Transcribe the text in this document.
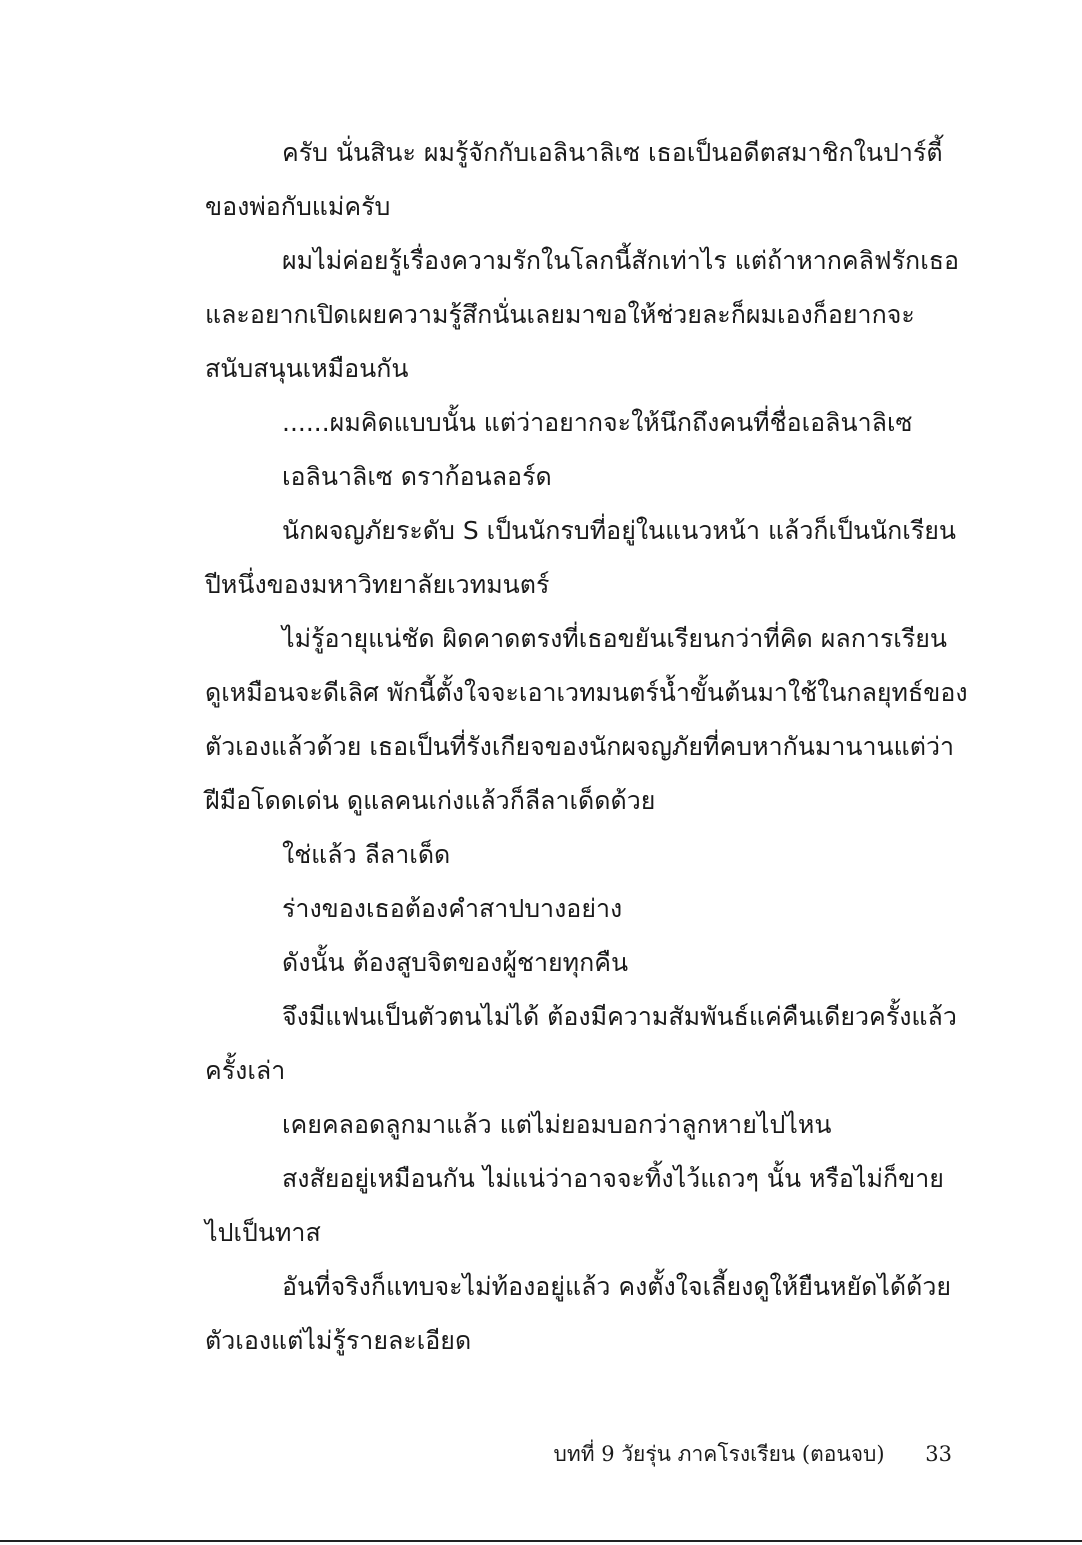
ครับ นั่นสินะ ผมรู้จักกับเอลินาลิเซ เธอเป็นอดีตสมาชิกในปาร์ตี้
ของพ่อกับแม่ครับ
ผมไม่ค่อยรู้เรื่องความรักในโลกนี้สักเท่าไร แต่ถ้าหากคลิฟรักเธอ
และอยากเปิดเผยความรู้สึกนั่นเลยมาขอให้ช่วยละก็ผมเองก็อยากจะ
สนับสนุนเหมือนกัน
......ผมคิดแบบนั้น แต่ว่าอยากจะให้นึกถึงคนที่ชื่อเอลินาลิเซ
เอลินาลิเซ ดราก้อนลอร์ด
นักผจญภัยระดับ S เป็นนักรบที่อยู่ในแนวหน้า แล้วก็เป็นนักเรียน
ปีหนึ่งของมหาวิทยาลัยเวทมนตร์
ไม่รู้อายุแน่ชัด ผิดคาดตรงที่เธอขยันเรียนกว่าที่คิด ผลการเรียน
ดูเหมือนจะดีเลิศ พักนี้ตั้งใจจะเอาเวทมนตร์น้ำขั้นต้นมาใช้ในกลยุทธ์ของ
ตัวเองแล้วด้วย เธอเป็นที่รังเกียจของนักผจญภัยที่คบหากันมานานแต่ว่า
ฝีมือโดดเด่น ดูแลคนเก่งแล้วก็ลีลาเด็ดด้วย
ใช่แล้ว ลีลาเด็ด
ร่างของเธอต้องคำสาปบางอย่าง
ดังนั้น ต้องสูบจิตของผู้ชายทุกคืน
จึงมีแฟนเป็นตัวตนไม่ได้ ต้องมีความสัมพันธ์แค่คืนเดียวครั้งแล้ว
ครั้งเล่า
เคยคลอดลูกมาแล้ว แต่ไม่ยอมบอกว่าลูกหายไปไหน
สงสัยอยู่เหมือนกัน ไม่แน่ว่าอาจจะทิ้งไว้แถวๆ นั้น หรือไม่ก็ขาย
ไปเป็นทาส
อันที่จริงก็แทบจะไม่ท้องอยู่แล้ว คงตั้งใจเลี้ยงดูให้ยืนหยัดได้ด้วย
ตัวเองแต่ไม่รู้รายละเอียด
บทที่ 9 วัยรุ่น ภาคโรงเรียน (ตอนจบ) 33
